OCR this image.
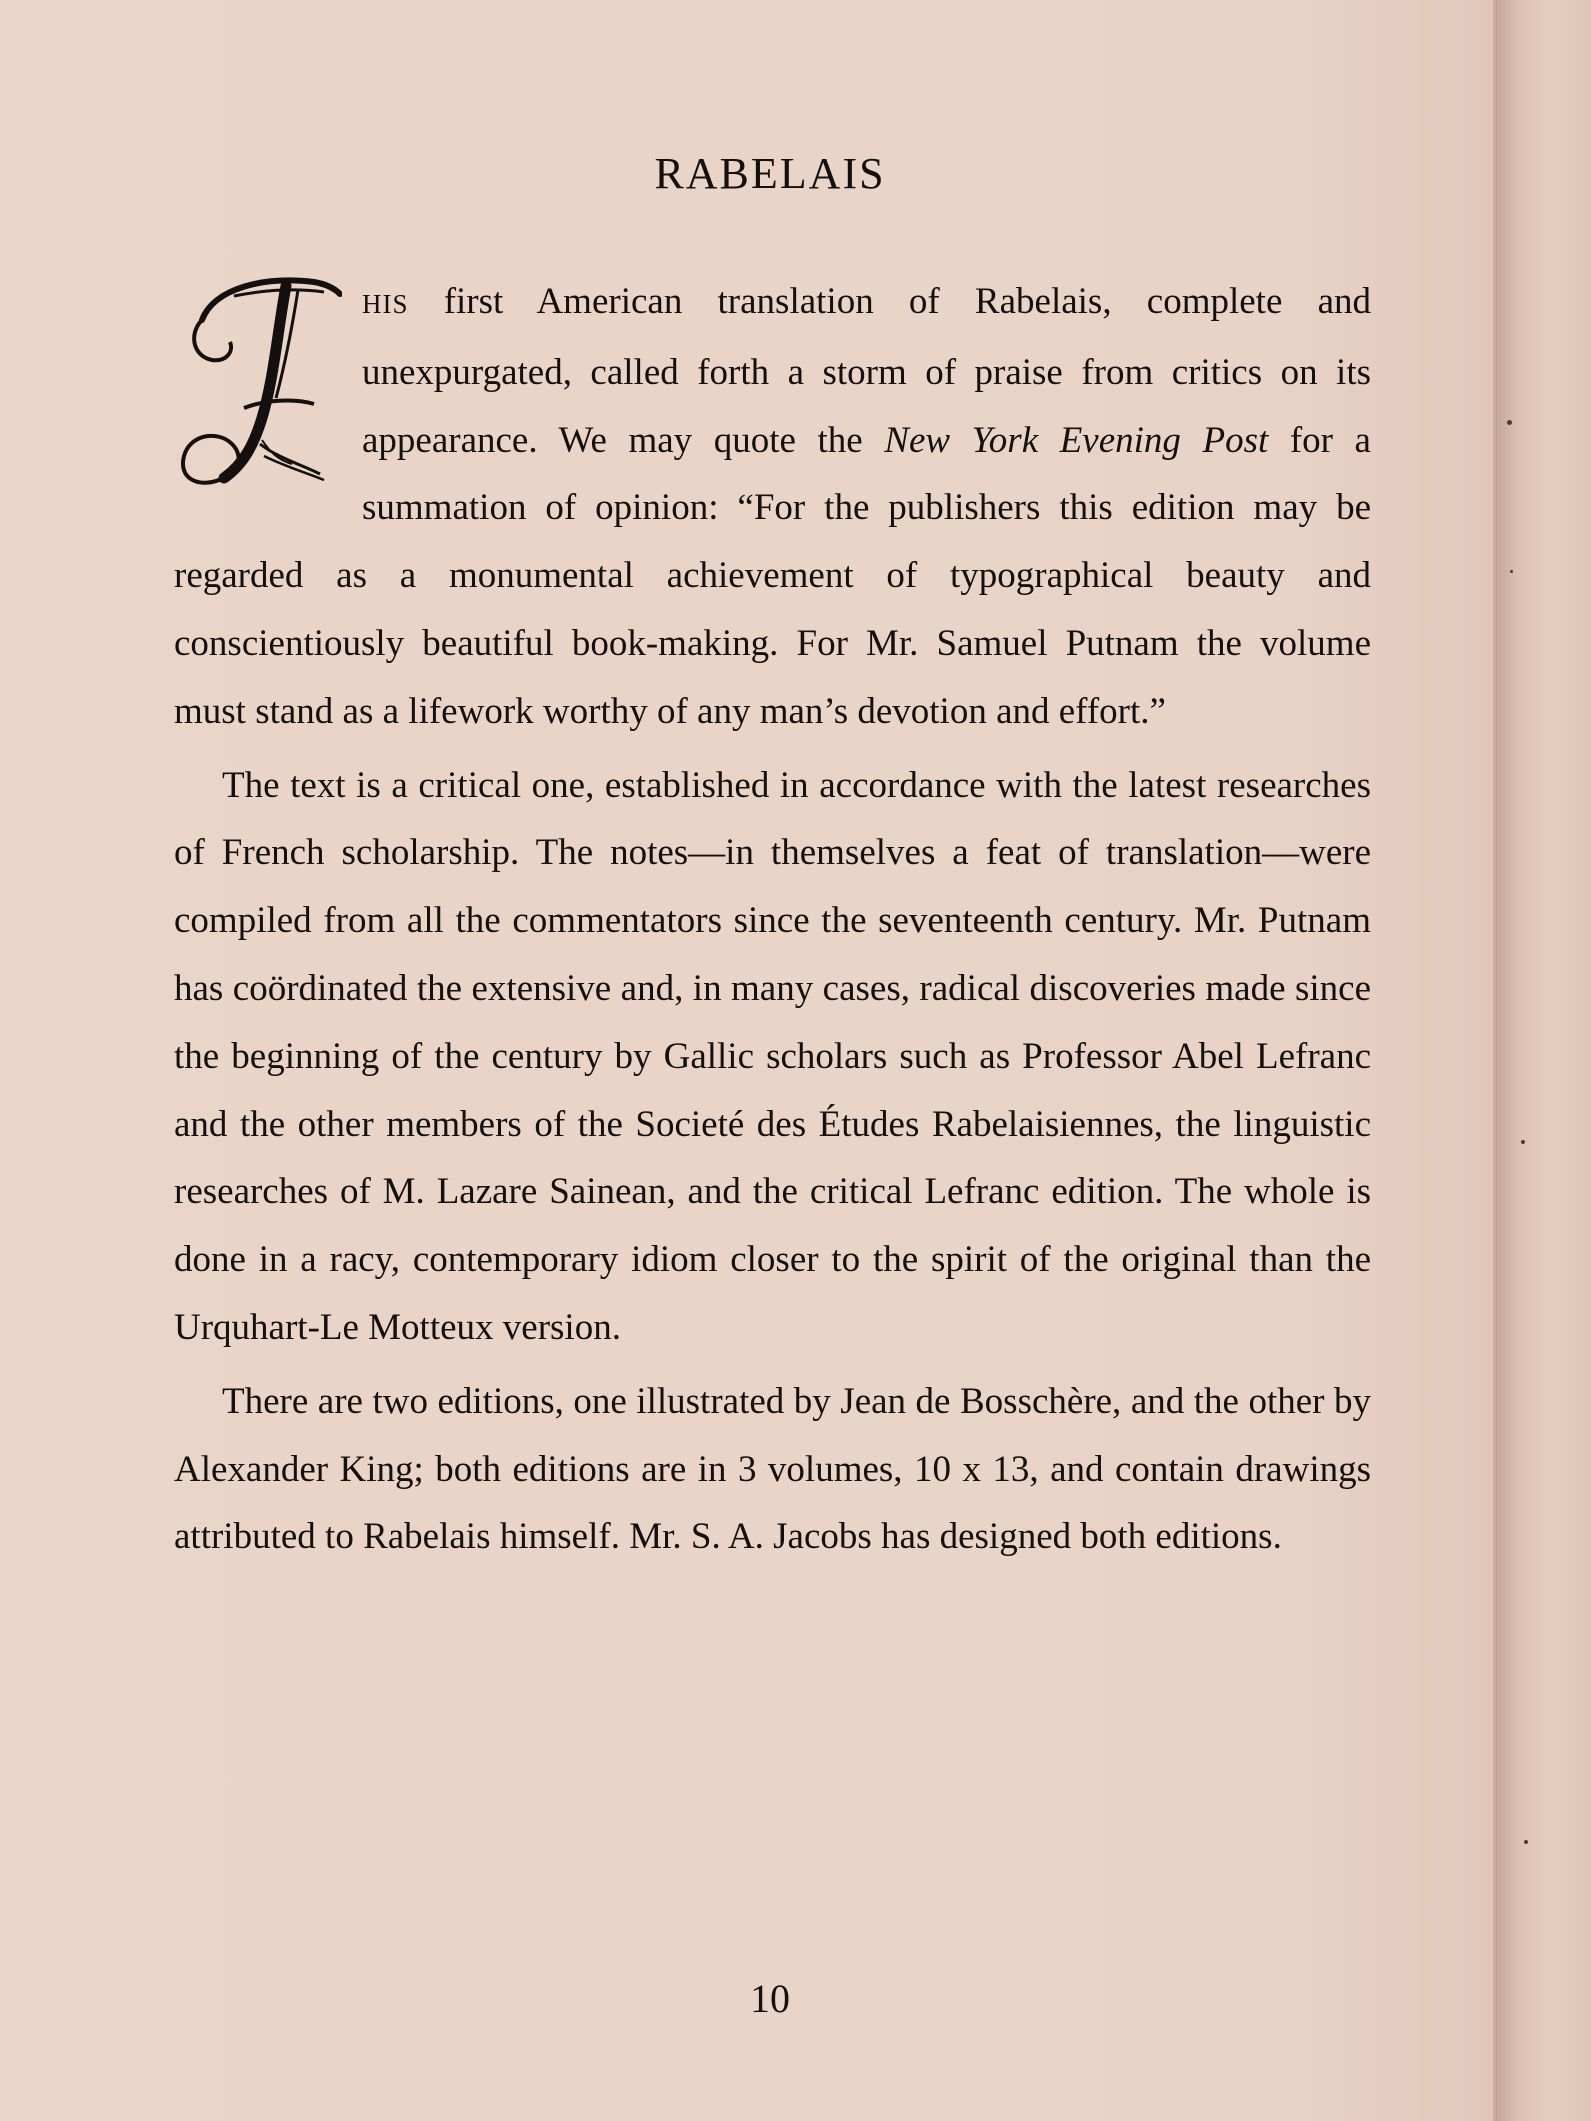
RABELAIS

HIS first American translation of Rabelais, complete and unexpurgated, called forth a storm of praise from critics on its appearance. We may quote the New York Evening Post for a summation of opinion: “For the publishers this edition may be regarded as a monumental achievement of typographical beauty and conscientiously beautiful book-making. For Mr. Samuel Putnam the volume must stand as a lifework worthy of any man’s devotion and effort.”

The text is a critical one, established in accordance with the latest researches of French scholarship. The notes—in themselves a feat of translation—were compiled from all the commentators since the seventeenth century. Mr. Putnam has coördinated the extensive and, in many cases, radical discoveries made since the beginning of the century by Gallic scholars such as Professor Abel Lefranc and the other members of the Societé des Études Rabelaisiennes, the linguistic researches of M. Lazare Sainean, and the critical Lefranc edition. The whole is done in a racy, contemporary idiom closer to the spirit of the original than the Urquhart-Le Motteux version.

There are two editions, one illustrated by Jean de Bosschère, and the other by Alexander King; both editions are in 3 volumes, 10 x 13, and contain drawings attributed to Rabelais himself. Mr. S. A. Jacobs has designed both editions.

10
